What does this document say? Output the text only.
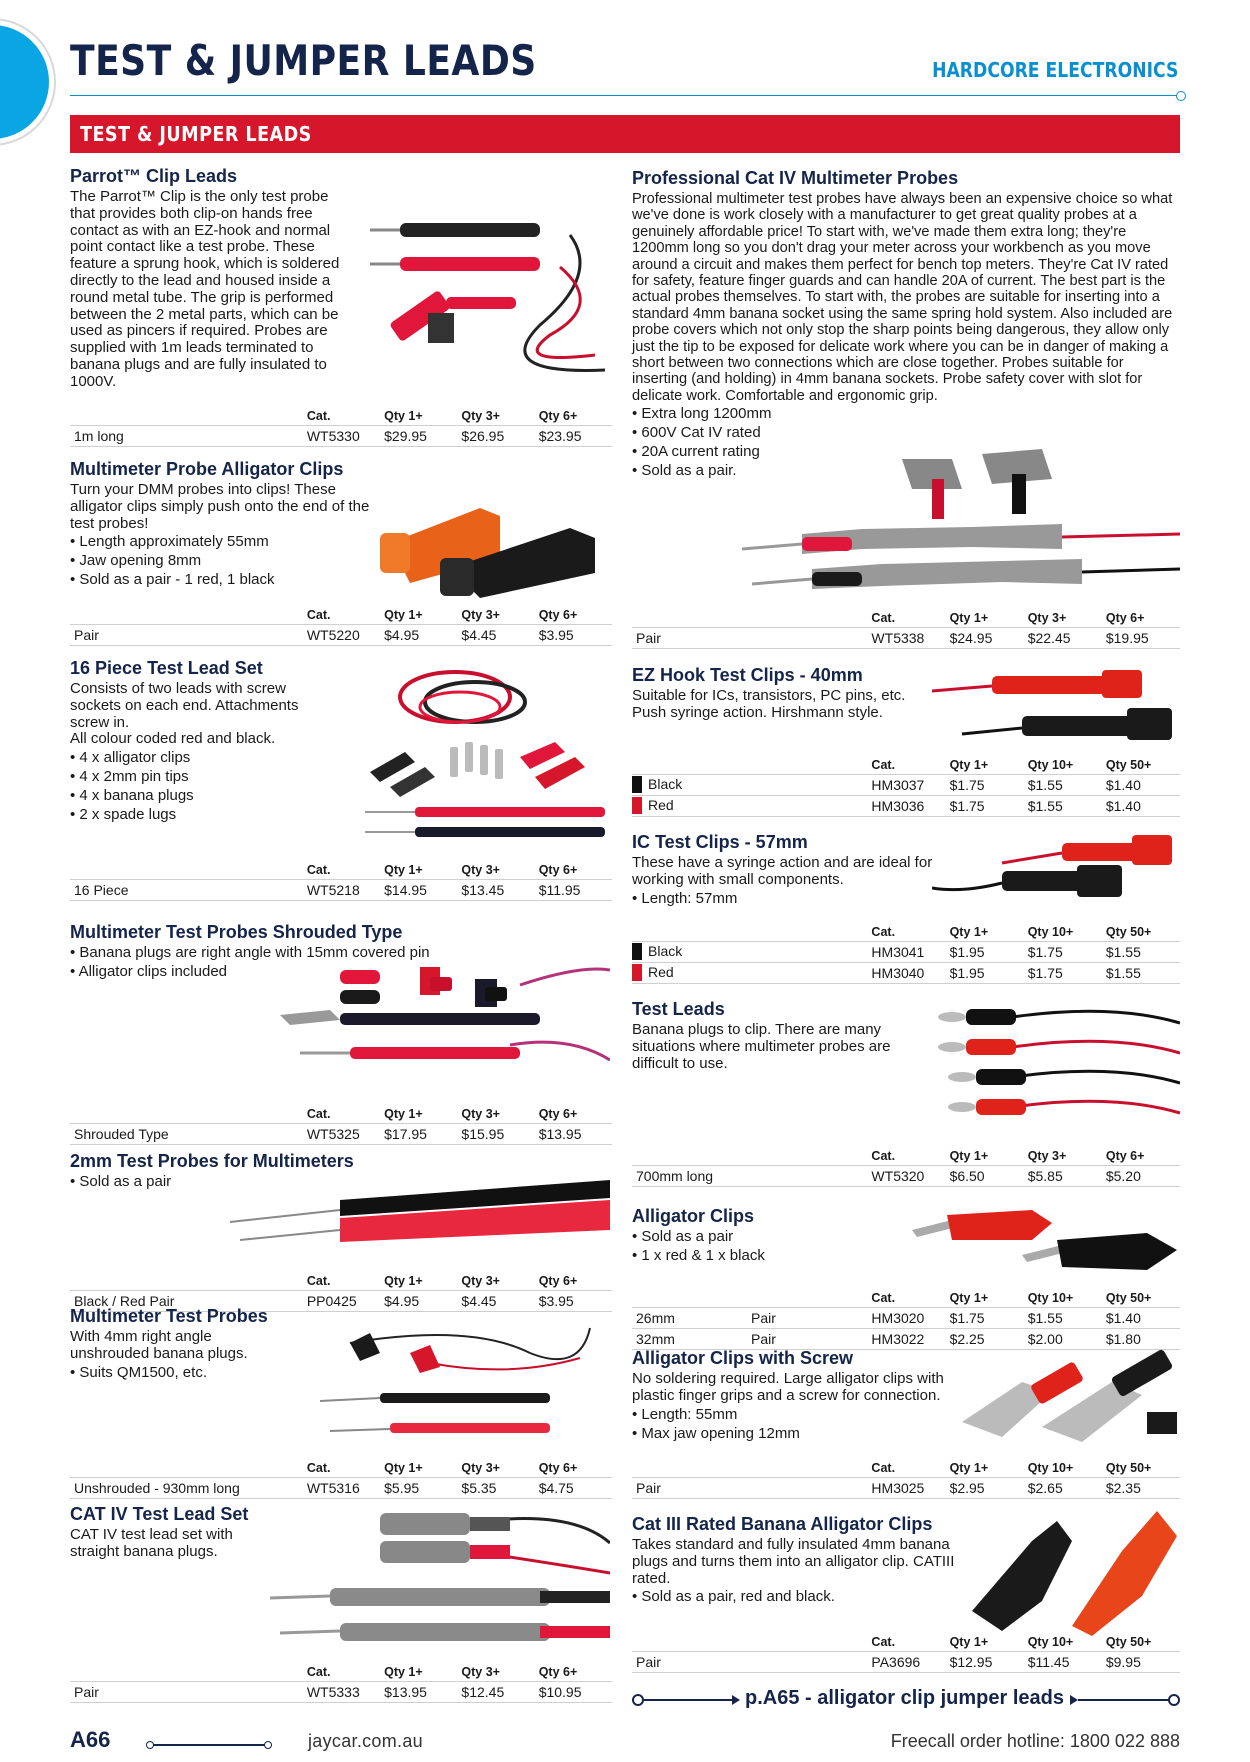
TEST & JUMPER LEADS	HARDCORE ELECTRONICS
TEST & JUMPER LEADS
Parrot™ Clip Leads
The Parrot™ Clip is the only test probe that provides both clip-on hands free contact as with an EZ-hook and normal point contact like a test probe. These feature a sprung hook, which is soldered directly to the lead and housed inside a round metal tube. The grip is performed between the 2 metal parts, which can be used as pincers if required. Probes are supplied with 1m leads terminated to banana plugs and are fully insulated to 1000V.
	Cat.	Qty 1+	Qty 3+	Qty 6+
1m long	WT5330	$29.95	$26.95	$23.95
Multimeter Probe Alligator Clips
Turn your DMM probes into clips! These alligator clips simply push onto the end of the test probes!
• Length approximately 55mm
• Jaw opening 8mm
• Sold as a pair - 1 red, 1 black
	Cat.	Qty 1+	Qty 3+	Qty 6+
Pair	WT5220	$4.95	$4.45	$3.95
16 Piece Test Lead Set
Consists of two leads with screw sockets on each end. Attachments screw in.
All colour coded red and black.
• 4 x alligator clips
• 4 x 2mm pin tips
• 4 x banana plugs
• 2 x spade lugs
	Cat.	Qty 1+	Qty 3+	Qty 6+
16 Piece	WT5218	$14.95	$13.45	$11.95
Multimeter Test Probes Shrouded Type
• Banana plugs are right angle with 15mm covered pin
• Alligator clips included
	Cat.	Qty 1+	Qty 3+	Qty 6+
Shrouded Type	WT5325	$17.95	$15.95	$13.95
2mm Test Probes for Multimeters
• Sold as a pair
	Cat.	Qty 1+	Qty 3+	Qty 6+
Black / Red Pair	PP0425	$4.95	$4.45	$3.95
Multimeter Test Probes
With 4mm right angle unshrouded banana plugs.
• Suits QM1500, etc.
	Cat.	Qty 1+	Qty 3+	Qty 6+
Unshrouded - 930mm long	WT5316	$5.95	$5.35	$4.75
CAT IV Test Lead Set
CAT IV test lead set with straight banana plugs.
	Cat.	Qty 1+	Qty 3+	Qty 6+
Pair	WT5333	$13.95	$12.45	$10.95
Professional Cat IV Multimeter Probes
Professional multimeter test probes have always been an expensive choice so what we've done is work closely with a manufacturer to get great quality probes at a genuinely affordable price! To start with, we've made them extra long; they're 1200mm long so you don't drag your meter across your workbench as you move around a circuit and makes them perfect for bench top meters. They're Cat IV rated for safety, feature finger guards and can handle 20A of current. The best part is the actual probes themselves. To start with, the probes are suitable for inserting into a standard 4mm banana socket using the same spring hold system. Also included are probe covers which not only stop the sharp points being dangerous, they allow only just the tip to be exposed for delicate work where you can be in danger of making a short between two connections which are close together. Probes suitable for inserting (and holding) in 4mm banana sockets. Probe safety cover with slot for delicate work. Comfortable and ergonomic grip.
• Extra long 1200mm
• 600V Cat IV rated
• 20A current rating
• Sold as a pair.
	Cat.	Qty 1+	Qty 3+	Qty 6+
Pair	WT5338	$24.95	$22.45	$19.95
EZ Hook Test Clips - 40mm
Suitable for ICs, transistors, PC pins, etc. Push syringe action. Hirshmann style.
	Cat.	Qty 1+	Qty 10+	Qty 50+
Black	HM3037	$1.75	$1.55	$1.40
Red	HM3036	$1.75	$1.55	$1.40
IC Test Clips - 57mm
These have a syringe action and are ideal for working with small components.
• Length: 57mm
	Cat.	Qty 1+	Qty 10+	Qty 50+
Black	HM3041	$1.95	$1.75	$1.55
Red	HM3040	$1.95	$1.75	$1.55
Test Leads
Banana plugs to clip. There are many situations where multimeter probes are difficult to use.
	Cat.	Qty 1+	Qty 3+	Qty 6+
700mm long	WT5320	$6.50	$5.85	$5.20
Alligator Clips
• Sold as a pair
• 1 x red & 1 x black
	Cat.	Qty 1+	Qty 10+	Qty 50+
26mm Pair	HM3020	$1.75	$1.55	$1.40
32mm Pair	HM3022	$2.25	$2.00	$1.80
Alligator Clips with Screw
No soldering required. Large alligator clips with plastic finger grips and a screw for connection.
• Length: 55mm
• Max jaw opening 12mm
	Cat.	Qty 1+	Qty 10+	Qty 50+
Pair	HM3025	$2.95	$2.65	$2.35
Cat III Rated Banana Alligator Clips
Takes standard and fully insulated 4mm banana plugs and turns them into an alligator clip. CATIII rated.
• Sold as a pair, red and black.
	Cat.	Qty 1+	Qty 10+	Qty 50+
Pair	PA3696	$12.95	$11.45	$9.95
p.A65 - alligator clip jumper leads
A66	jaycar.com.au	Freecall order hotline: 1800 022 888
